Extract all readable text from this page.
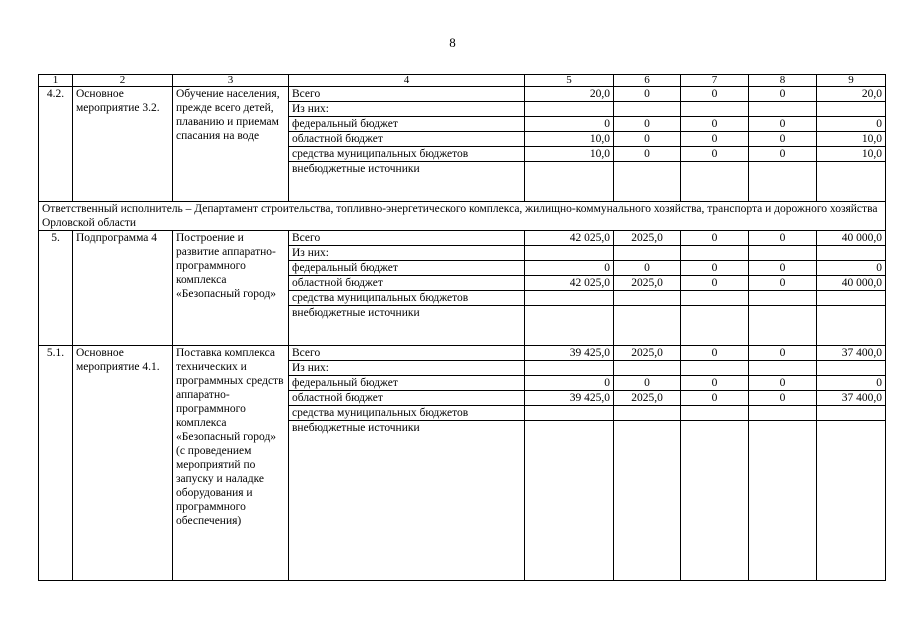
8
1	2	3	4	5	6	7	8	9
4.2.	Основное мероприятие 3.2.	Обучение населения, прежде всего детей, плаванию и приемам спасания на воде	Всего	20,0	0	0	0	20,0
			Из них:					
			федеральный бюджет	0	0	0	0	0
			областной бюджет	10,0	0	0	0	10,0
			средства муниципальных бюджетов	10,0	0	0	0	10,0
			внебюджетные источники					
Ответственный исполнитель – Департамент строительства, топливно-энергетического комплекса, жилищно-коммунального хозяйства, транспорта и дорожного хозяйства Орловской области								
5.	Подпрограмма 4	Построение и развитие аппаратно-программного комплекса «Безопасный город»	Всего	42 025,0	2025,0	0	0	40 000,0
			Из них:					
			федеральный бюджет	0	0	0	0	0
			областной бюджет	42 025,0	2025,0	0	0	40 000,0
			средства муниципальных бюджетов					
			внебюджетные источники					
5.1.	Основное мероприятие 4.1.	Поставка комплекса технических и программных средств аппаратно-программного комплекса «Безопасный город» (с проведением мероприятий по запуску и наладке оборудования и программного обеспечения)	Всего	39 425,0	2025,0	0	0	37 400,0
			Из них:					
			федеральный бюджет	0	0	0	0	0
			областной бюджет	39 425,0	2025,0	0	0	37 400,0
			средства муниципальных бюджетов					
			внебюджетные источники					
